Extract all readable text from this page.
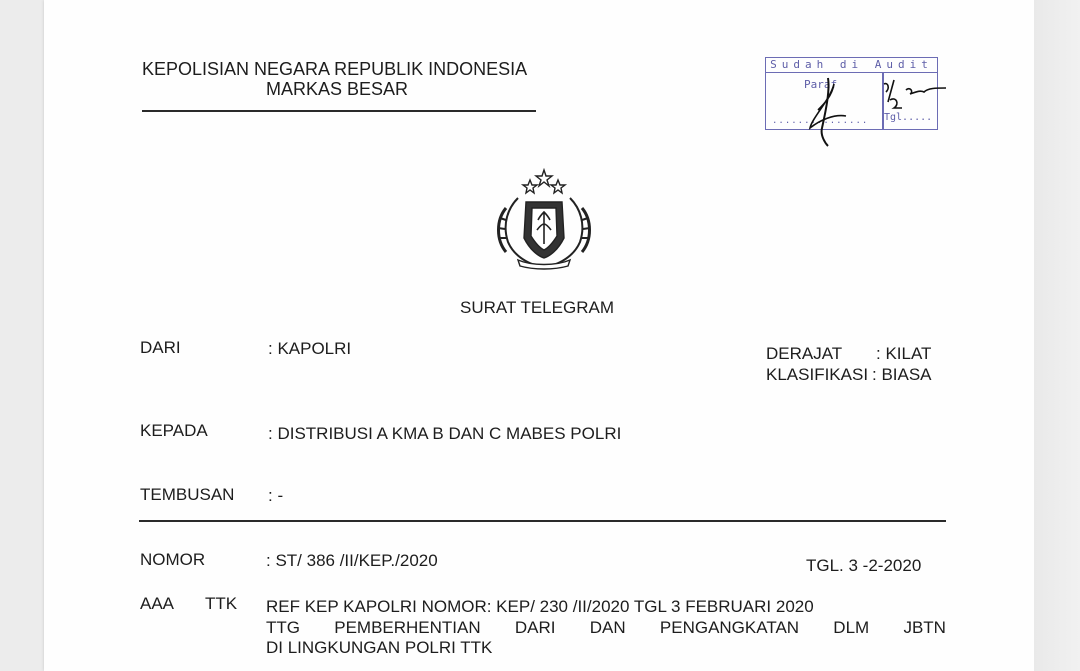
KEPOLISIAN NEGARA REPUBLIK INDONESIA
MARKAS BESAR
Sudah di Audit
Paraf
............... Tgl.....
SURAT TELEGRAM
DARI	: KAPOLRI	DERAJAT : KILAT
KLASIFIKASI : BIASA
KEPADA	: DISTRIBUSI A KMA B DAN C MABES POLRI
TEMBUSAN : -
NOMOR	: ST/ 386 /II/KEP./2020	TGL. 3 -2-2020
AAA TTK REF KEP KAPOLRI NOMOR: KEP/ 230 /II/2020 TGL 3 FEBRUARI 2020
TTG PEMBERHENTIAN DARI DAN PENGANGKATAN DLM JBTN
DI LINGKUNGAN POLRI TTK
